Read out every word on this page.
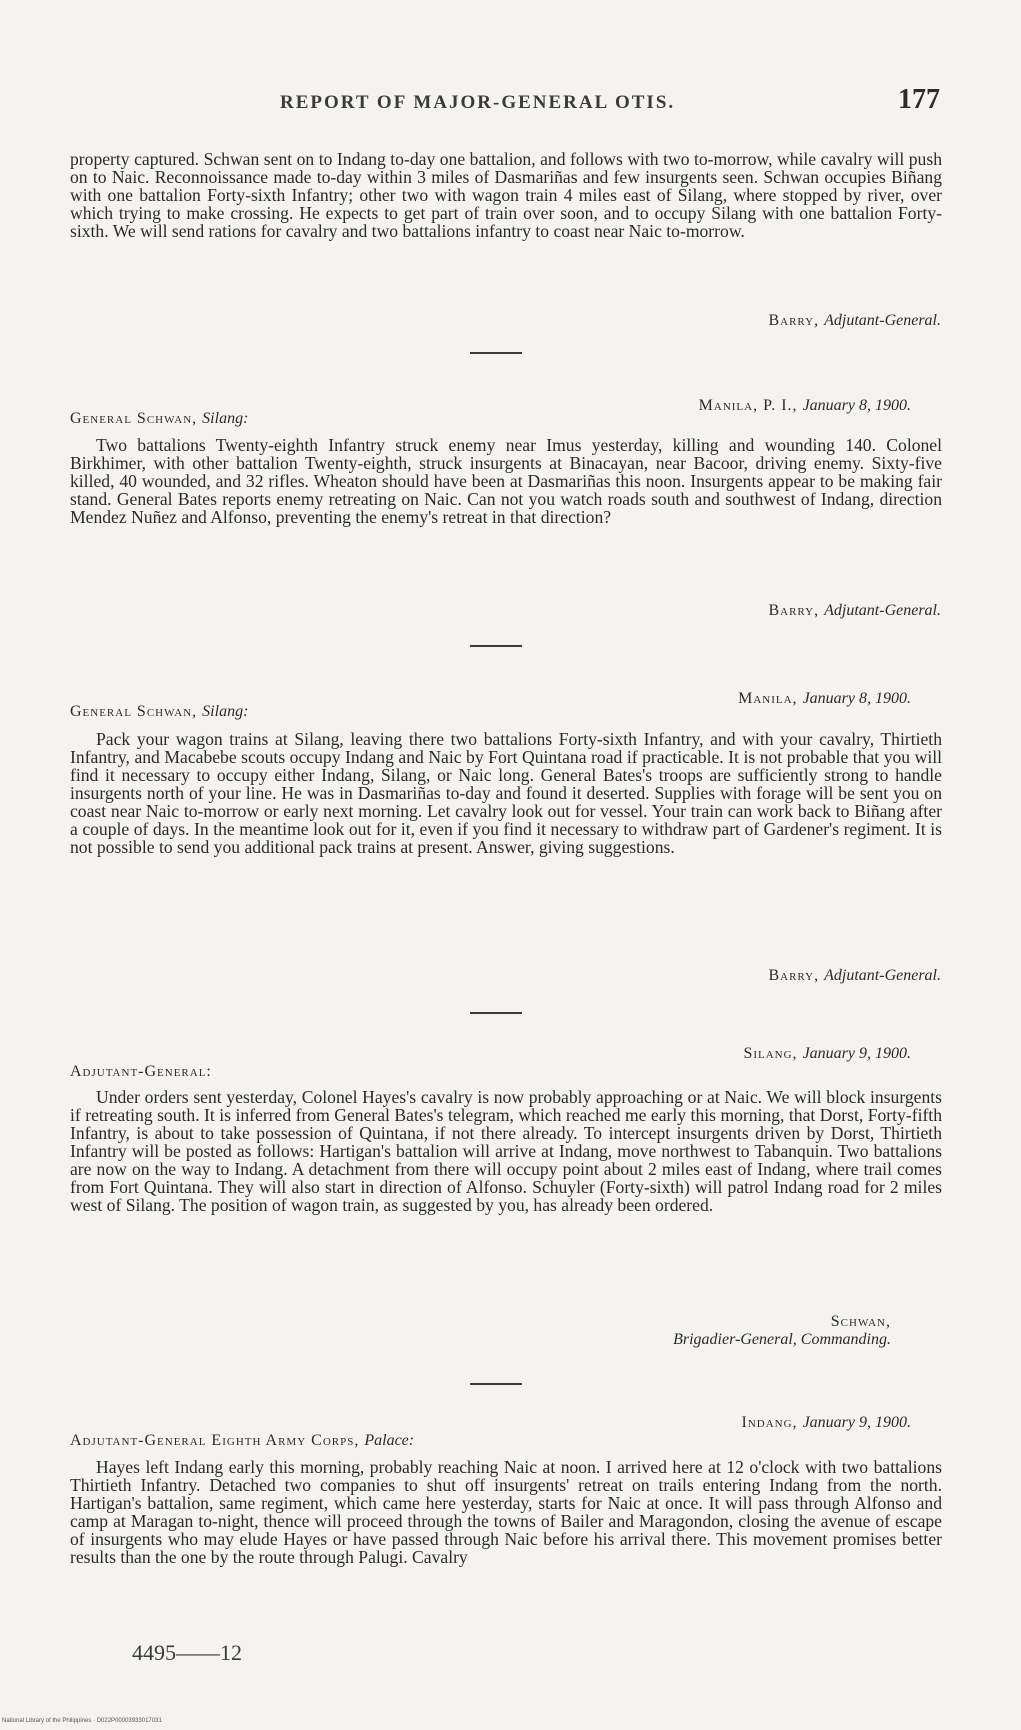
REPORT OF MAJOR-GENERAL OTIS.	177

property captured. Schwan sent on to Indang to-day one battalion, and follows with two to-morrow, while cavalry will push on to Naic. Reconnoissance made to-day within 3 miles of Dasmariñas and few insurgents seen. Schwan occupies Biñang with one battalion Forty-sixth Infantry; other two with wagon train 4 miles east of Silang, where stopped by river, over which trying to make crossing. He expects to get part of train over soon, and to occupy Silang with one battalion Forty-sixth. We will send rations for cavalry and two battalions infantry to coast near Naic to-morrow.

Barry, Adjutant-General.
Manila, P. I., January 8, 1900.
General Schwan, Silang:

Two battalions Twenty-eighth Infantry struck enemy near Imus yesterday, killing and wounding 140. Colonel Birkhimer, with other battalion Twenty-eighth, struck insurgents at Binacayan, near Bacoor, driving enemy. Sixty-five killed, 40 wounded, and 32 rifles. Wheaton should have been at Dasmariñas this noon. Insurgents appear to be making fair stand. General Bates reports enemy retreating on Naic. Can not you watch roads south and southwest of Indang, direction Mendez Nuñez and Alfonso, preventing the enemy's retreat in that direction?

Barry, Adjutant-General.
Manila, January 8, 1900.
General Schwan, Silang:

Pack your wagon trains at Silang, leaving there two battalions Forty-sixth Infantry, and with your cavalry, Thirtieth Infantry, and Macabebe scouts occupy Indang and Naic by Fort Quintana road if practicable. It is not probable that you will find it necessary to occupy either Indang, Silang, or Naic long. General Bates's troops are sufficiently strong to handle insurgents north of your line. He was in Dasmariñas to-day and found it deserted. Supplies with forage will be sent you on coast near Naic to-morrow or early next morning. Let cavalry look out for vessel. Your train can work back to Biñang after a couple of days. In the meantime look out for it, even if you find it necessary to withdraw part of Gardener's regiment. It is not possible to send you additional pack trains at present. Answer, giving suggestions.

Barry, Adjutant-General.
Silang, January 9, 1900.
Adjutant-General:

Under orders sent yesterday, Colonel Hayes's cavalry is now probably approaching or at Naic. We will block insurgents if retreating south. It is inferred from General Bates's telegram, which reached me early this morning, that Dorst, Forty-fifth Infantry, is about to take possession of Quintana, if not there already. To intercept insurgents driven by Dorst, Thirtieth Infantry will be posted as follows: Hartigan's battalion will arrive at Indang, move northwest to Tabanquin. Two battalions are now on the way to Indang. A detachment from there will occupy point about 2 miles east of Indang, where trail comes from Fort Quintana. They will also start in direction of Alfonso. Schuyler (Forty-sixth) will patrol Indang road for 2 miles west of Silang. The position of wagon train, as suggested by you, has already been ordered.

Schwan,
Brigadier-General, Commanding.
Indang, January 9, 1900.
Adjutant-General Eighth Army Corps, Palace:

Hayes left Indang early this morning, probably reaching Naic at noon. I arrived here at 12 o'clock with two battalions Thirtieth Infantry. Detached two companies to shut off insurgents' retreat on trails entering Indang from the north. Hartigan's battalion, same regiment, which came here yesterday, starts for Naic at once. It will pass through Alfonso and camp at Maragan to-night, thence will proceed through the towns of Bailer and Maragondon, closing the avenue of escape of insurgents who may elude Hayes or have passed through Naic before his arrival there. This movement promises better results than the one by the route through Palugi. Cavalry

4495——12
National Library of the Philippines · D022P00003933017031
